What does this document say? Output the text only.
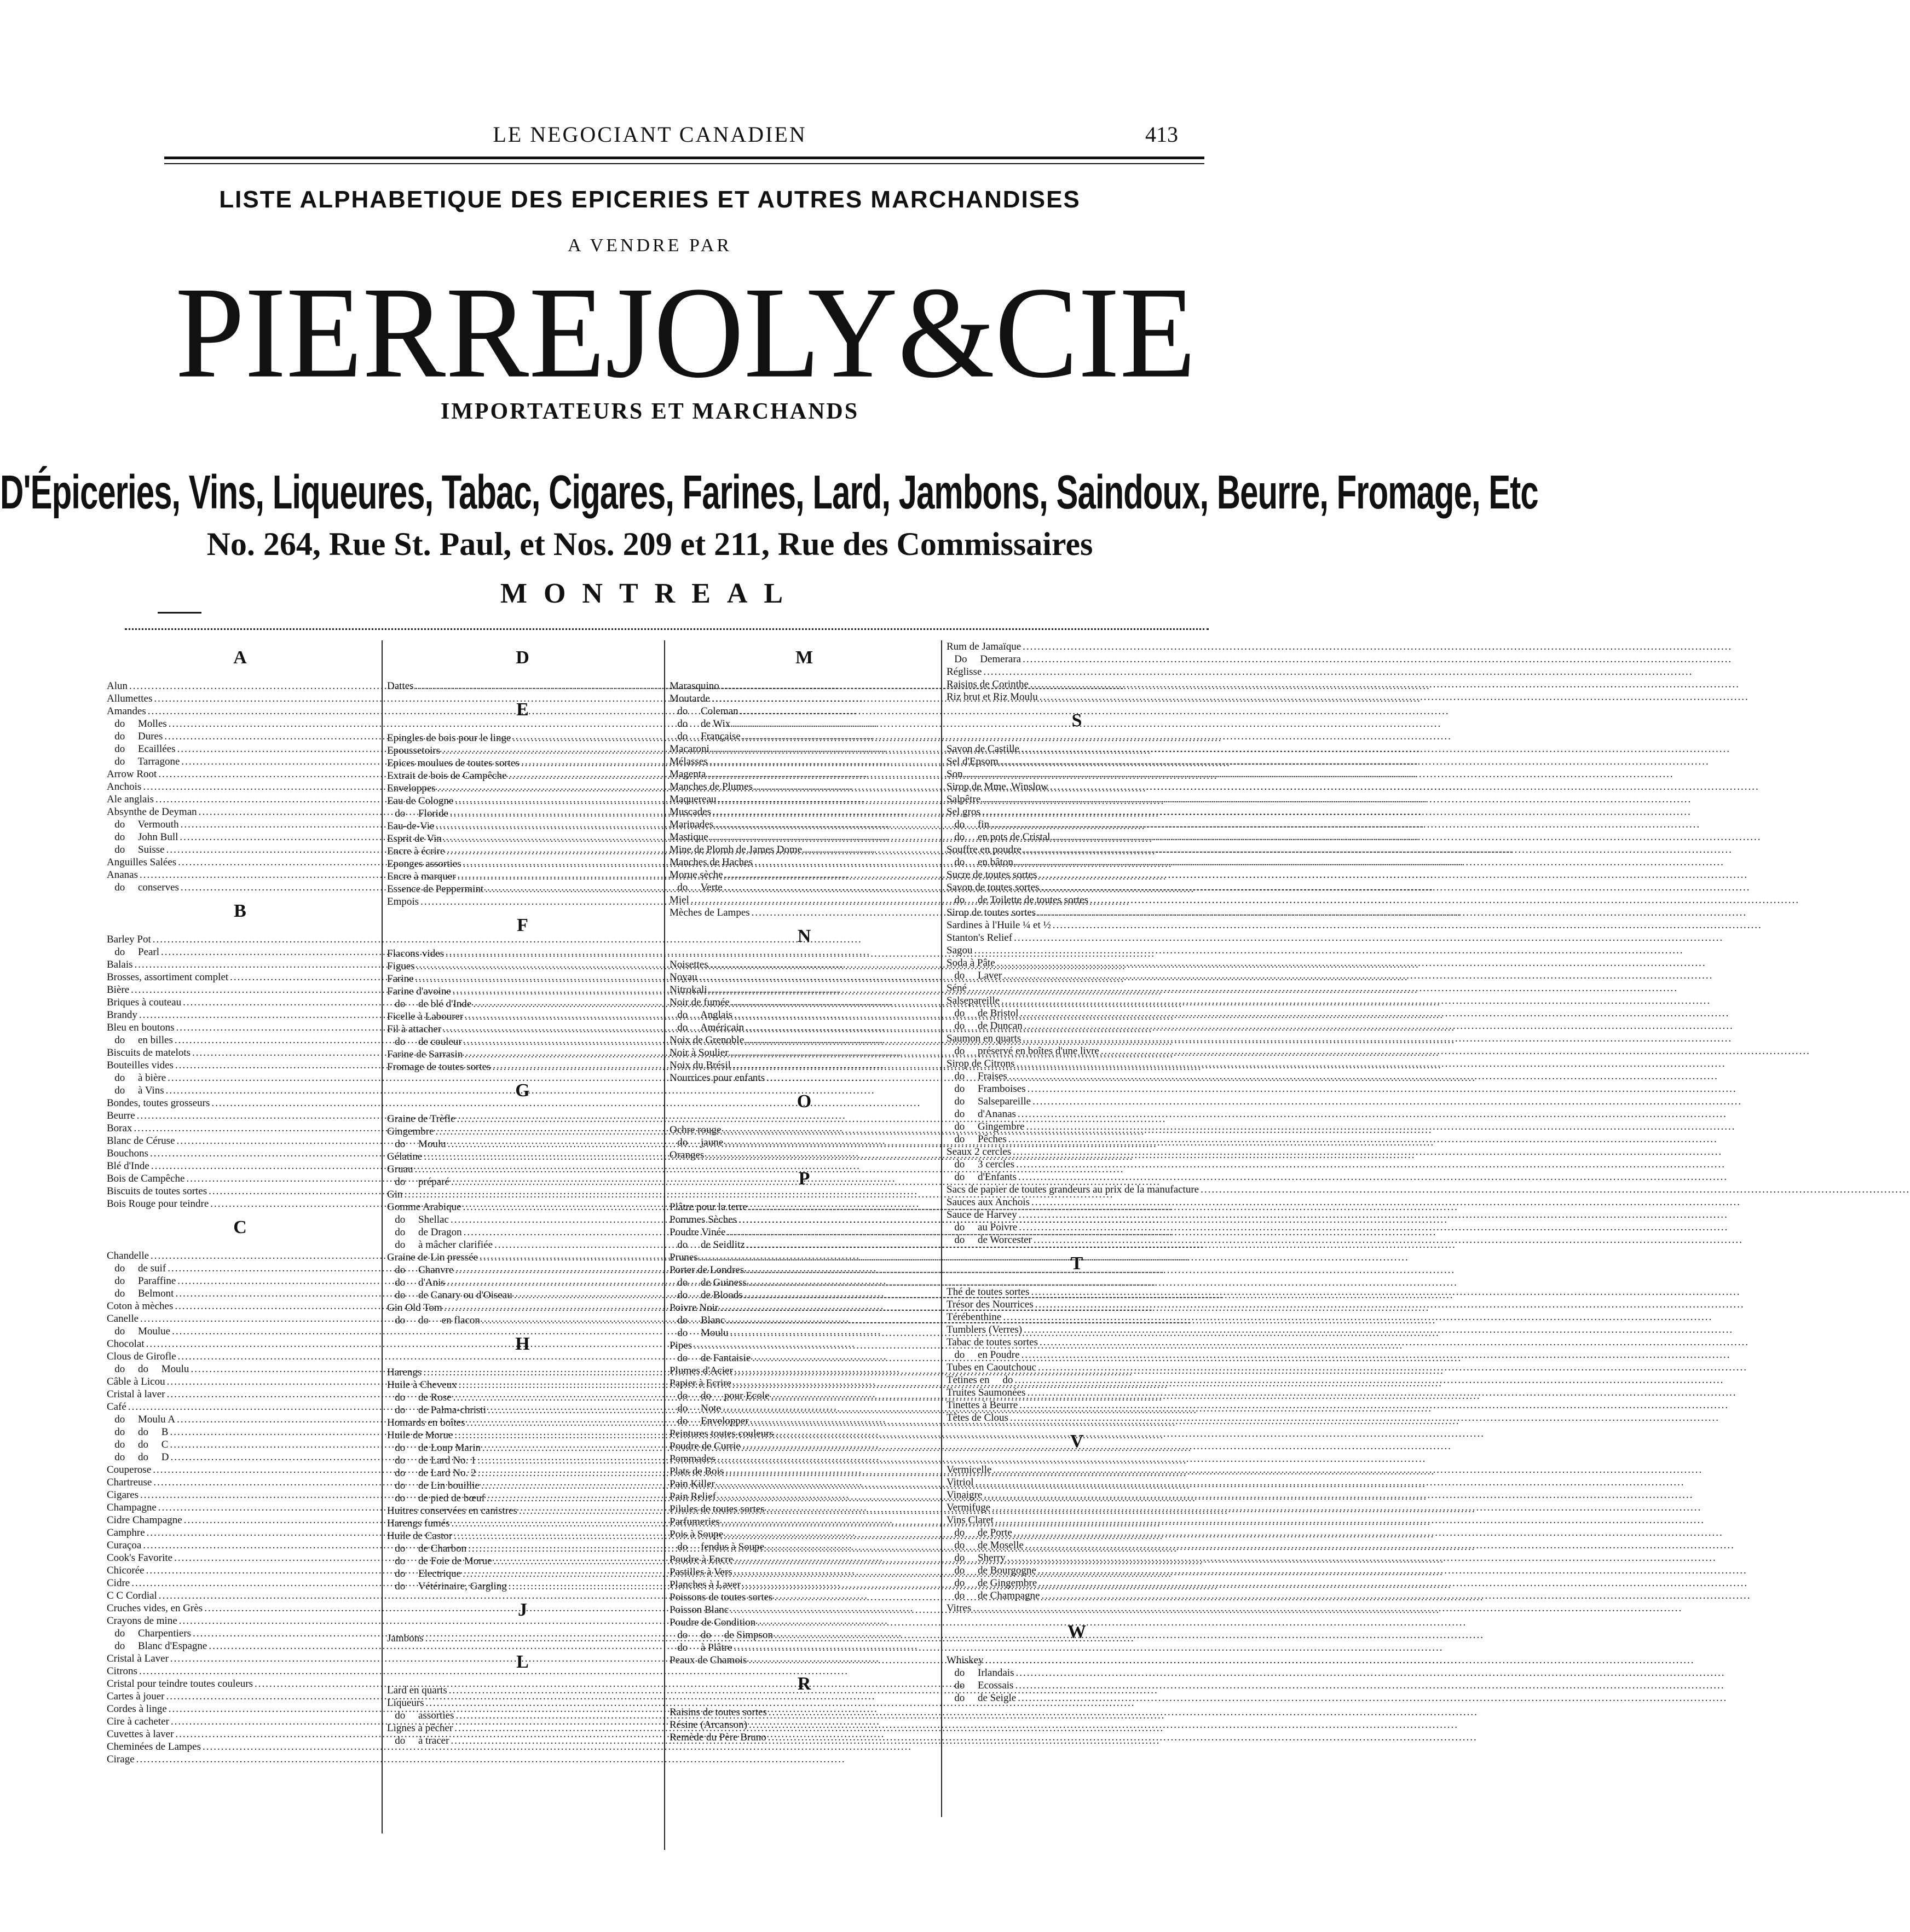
LE NEGOCIANT CANADIEN	413
LISTE ALPHABETIQUE DES EPICERIES ET AUTRES MARCHANDISES
A VENDRE PAR
PIERRE JOLY & CIE
IMPORTATEURS ET MARCHANDS
D'Épiceries, Vins, Liqueures, Tabac, Cigares, Farines, Lard, Jambons, Saindoux, Beurre, Fromage, Etc
No. 264, Rue St. Paul, et Nos. 209 et 211, Rue des Commissaires
MONTREAL
A
Alun
.....
Allumettes
.....
Amandes
.....
do     Molles
.....
do     Dures
.....
do     Ecaillées
.....
do     Tarragone
.....
Arrow Root
.....
Anchois
.....
Ale anglais
.....
Absynthe de Deyman
.....
do     Vermouth
.....
do     John Bull
.....
do     Suisse
.....
Anguilles Salées
.....
Ananas
.....
do     conserves
.....
B
Barley Pot
.....
do     Pearl
.....
Balais
.....
Brosses, assortiment complet
.....
Bière
.....
Briques à couteau
.....
Brandy
.....
Bleu en boutons
.....
do     en billes
.....
Biscuits de matelots
.....
Bouteilles vides
.....
do     à bière
.....
do     à Vins
.....
Bondes, toutes grosseurs
.....
Beurre
.....
Borax
.....
Blanc de Céruse
.....
Bouchons
.....
Blé d'Inde
.....
Bois de Campêche
.....
Biscuits de toutes sortes
.....
Bois Rouge pour teindre
.....
C
Chandelle
.....
do     de suif
.....
do     Paraffine
.....
do     Belmont
.....
Coton à mèches
.....
Canelle
.....
do     Moulue
.....
Chocolat
.....
Clous de Girofle
.....
do     do     Moulu
.....
Câble à Licou
.....
Cristal à laver
.....
Café
.....
do     Moulu A
.....
do     do     B
.....
do     do     C
.....
do     do     D
.....
Couperose
.....
Chartreuse
.....
Cigares
.....
Champagne
.....
Cidre Champagne
.....
Camphre
.....
Curaçoa
.....
Cook's Favorite
.....
Chicorée
.....
Cidre
.....
C C Cordial
.....
Cruches vides, en Grès
.....
Crayons de mine
.....
do     Charpentiers
.....
do     Blanc d'Espagne
.....
Cristal à Laver
.....
Citrons
.....
Cristal pour teindre toutes couleurs
.....
Cartes à jouer
.....
Cordes à linge
.....
Cire à cacheter
.....
Cuvettes à laver
.....
Cheminées de Lampes
.....
Cirage
.....
D
Dattes
.....
E
Epingles de bois pour le linge
.....
Epoussetoirs
.....
Epices moulues de toutes sortes
.....
Extrait de bois de Campêche
.....
Enveloppes
.....
Eau de Cologne
.....
do     Floride
.....
Eau-de-Vie
.....
Esprit de Vin
.....
Encre à écrire
.....
Eponges assorties
.....
Encre à marquer
.....
Essence de Peppermint
.....
Empois
.....
F
Flacons vides
.....
Figues
.....
Farine
.....
Farine d'avoine
.....
do     de blé d'Inde
.....
Ficelle à Labourer
.....
Fil à attacher
.....
do     de couleur
.....
Farine de Sarrasin
.....
Fromage de toutes sortes
.....
G
Graine de Trèfle
.....
Gingembre
.....
do     Moulu
.....
Gélatine
.....
Gruau
.....
do     préparé
.....
Gin
.....
Gomme Arabique
.....
do     Shellac
.....
do     de Dragon
.....
do     à mâcher clarifiée
.....
Graine de Lin pressée
.....
do     Chanvre
.....
do     d'Anis
.....
do     de Canary ou d'Oiseau
.....
Gin Old Tom
.....
do     do     en flacon
.....
H
Harengs
.....
Huile à Cheveux
.....
do     de Rose
.....
do     de Palma-christi
.....
Homards en boîtes
.....
Huile de Morue
.....
do     de Loup Marin
.....
do     de Lard No. 1
.....
do     de Lard No. 2
.....
do     de Lin bouillie
.....
do     de pied de bœuf
.....
Huitres conservées en canistres
.....
Harengs fumés
.....
Huile de Castor
.....
do     de Charbon
.....
do     de Foie de Morue
.....
do     Electrique
.....
do     Vétérinaire, Gargling
.....
J
Jambons
.....
L
Lard en quarts
.....
Liqueurs
.....
do     assorties
.....
Lignes à pêcher
.....
do     à tracer
.....
M
Marasquino
.....
Moutarde
.....
do     Coleman
.....
do     de Wix
.....
do     Française
.....
Macaroni
.....
Mélasses
.....
Magenta
.....
Manches de Plumes
.....
Maquereau
.....
Muscades
.....
Marinades
.....
Mastique
.....
Mine de Plomb de James Dome
.....
Manches de Haches
.....
Morue sèche
.....
do     Verte
.....
Miel
.....
Mèches de Lampes
.....
N
Noisettes
.....
Noyau
.....
Nitrokali
.....
Noir de fumée
.....
do     Anglais
.....
do     Américain
.....
Noix de Grenoble
.....
Noir à Soulier
.....
Noix du Brésil
.....
Nourrices pour enfants
.....
O
Ochre rouge
.....
do     jaune
.....
Oranges
.....
P
Plâtre pour la terre
.....
Pommes Sèches
.....
Poudre Vinée
.....
do     de Seidlitz
.....
Prunes
.....
Porter de Londres
.....
do     de Guiness
.....
do     de Bloods
.....
Poivre Noir
.....
do     Blanc
.....
do     Moulu
.....
Pipes
.....
do     de Fantaisie
.....
Plumes d'Acier
.....
Papier à Ecrire
.....
do     do     pour Ecole
.....
do     Note
.....
do     Envelopper
.....
Peintures toutes couleurs
.....
Poudre de Currie
.....
Pommades
.....
Plats de Bois
.....
Pain Killer
.....
Pain Relief
.....
Pilules de toutes sortes
.....
Parfumeries
.....
Pois à Soupe
.....
do     fendus à Soupe
.....
Poudre à Encre
.....
Pastilles à Vers
.....
Planches à Laver
.....
Poissons de toutes sortes
.....
Poisson Blanc
.....
Poudre de Condition
.....
do     do     de Simpson
.....
do     à Plâtre
.....
Peaux de Chamois
.....
R
Raisins de toutes sortes
.....
Résine (Arcanson)
.....
Remède du Père Bruno
.....
Rum de Jamaïque
.....
Do     Demerara
.....
Réglisse
.....
Raisins de Corinthe
.....
Riz brut et Riz Moulu
.....
S
Savon de Castille
.....
Sel d'Epsom
.....
Son
.....
Sirop de Mme. Winslow
.....
Salpêtre
.....
Sel gros
.....
do     fin
.....
do     en pots de Cristal
.....
Souffre en poudre
.....
do     en bâton
.....
Sucre de toutes sortes
.....
Savon de toutes sortes
.....
do     de Toilette de toutes sortes
.....
Sirop de toutes sortes
.....
Sardines à l'Huile ¼ et ½
.....
Stanton's Relief
.....
Sagou
.....
Soda à Pâte
.....
do     Laver
.....
Séné
.....
Salsepareille
.....
do     de Bristol
.....
do     de Duncan
.....
Saumon en quarts
.....
do     préservé en boîtes d'une livre
.....
Sirop de Citrons
.....
do     Fraises
.....
do     Framboises
.....
do     Salsepareille
.....
do     d'Ananas
.....
do     Gingembre
.....
do     Pêches
.....
Seaux 2 cercles
.....
do     3 cercles
.....
do     d'Enfants
.....
Sacs de papier de toutes grandeurs au prix de la manufacture
.....
Sauces aux Anchois
.....
Sauce de Harvey
.....
do     au Poivre
.....
do     de Worcester
.....
T
Thé de toutes sortes
.....
Trésor des Nourrices
.....
Térébenthine
.....
Tumblers (Verres)
.....
Tabac de toutes sortes
.....
do     en Poudre
.....
Tubes en Caoutchouc
.....
Tétines en     do
.....
Truites Saumonées
.....
Tinettes à Beurre
.....
Têtes de Clous
.....
V
Vermicelle
.....
Vitriol
.....
Vinaigre
.....
Vermifuge
.....
Vins Claret
.....
do     de Porte
.....
do     de Moselle
.....
do     Sherry
.....
do     de Bourgogne
.....
do     de Gingembre
.....
do     de Champagne
.....
Vitres
.....
W
Whiskey
.....
do     Irlandais
.....
do     Ecossais
.....
do     de Seigle
.....
